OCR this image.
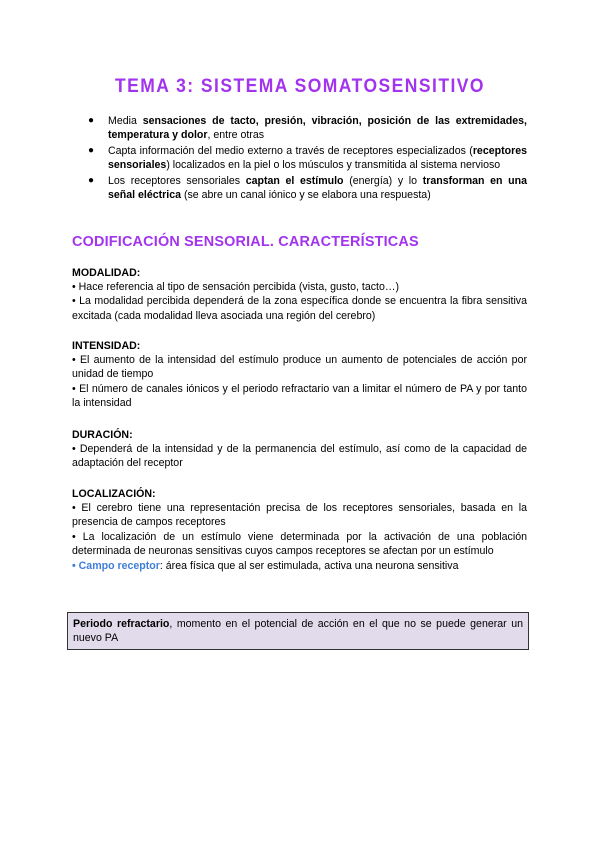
TEMA 3: SISTEMA SOMATOSENSITIVO
● Media sensaciones de tacto, presión, vibración, posición de las extremidades, temperatura y dolor, entre otras
● Capta información del medio externo a través de receptores especializados (receptores sensoriales) localizados en la piel o los músculos y transmitida al sistema nervioso
● Los receptores sensoriales captan el estímulo (energía) y lo transforman en una señal eléctrica (se abre un canal iónico y se elabora una respuesta)
CODIFICACIÓN SENSORIAL. CARACTERÍSTICAS
MODALIDAD:

• Hace referencia al tipo de sensación percibida (vista, gusto, tacto…)

• La modalidad percibida dependerá de la zona específica donde se encuentra la fibra sensitiva excitada (cada modalidad lleva asociada una región del cerebro)

INTENSIDAD:

• El aumento de la intensidad del estímulo produce un aumento de potenciales de acción por unidad de tiempo

• El número de canales iónicos y el periodo refractario van a limitar el número de PA y por tanto la intensidad

DURACIÓN:

• Dependerá de la intensidad y de la permanencia del estímulo, así como de la capacidad de adaptación del receptor

LOCALIZACIÓN:

• El cerebro tiene una representación precisa de los receptores sensoriales, basada en la presencia de campos receptores

• La localización de un estímulo viene determinada por la activación de una población determinada de neuronas sensitivas cuyos campos receptores se afectan por un estímulo

• Campo receptor: área física que al ser estimulada, activa una neurona sensitiva

Periodo refractario, momento en el potencial de acción en el que no se puede generar un nuevo PA
